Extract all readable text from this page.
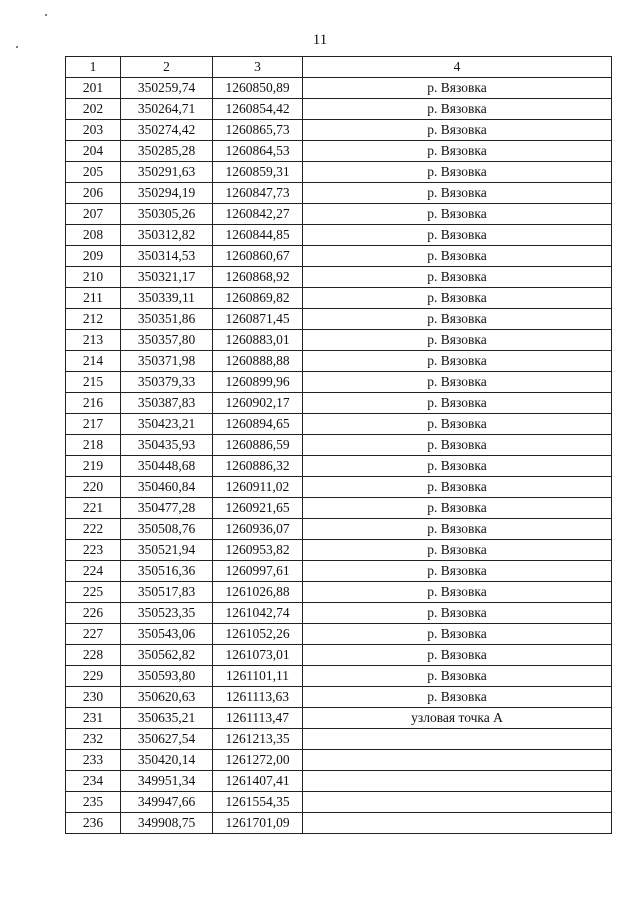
11
1	2	3	4
201	350259,74	1260850,89	р. Вязовка
202	350264,71	1260854,42	р. Вязовка
203	350274,42	1260865,73	р. Вязовка
204	350285,28	1260864,53	р. Вязовка
205	350291,63	1260859,31	р. Вязовка
206	350294,19	1260847,73	р. Вязовка
207	350305,26	1260842,27	р. Вязовка
208	350312,82	1260844,85	р. Вязовка
209	350314,53	1260860,67	р. Вязовка
210	350321,17	1260868,92	р. Вязовка
211	350339,11	1260869,82	р. Вязовка
212	350351,86	1260871,45	р. Вязовка
213	350357,80	1260883,01	р. Вязовка
214	350371,98	1260888,88	р. Вязовка
215	350379,33	1260899,96	р. Вязовка
216	350387,83	1260902,17	р. Вязовка
217	350423,21	1260894,65	р. Вязовка
218	350435,93	1260886,59	р. Вязовка
219	350448,68	1260886,32	р. Вязовка
220	350460,84	1260911,02	р. Вязовка
221	350477,28	1260921,65	р. Вязовка
222	350508,76	1260936,07	р. Вязовка
223	350521,94	1260953,82	р. Вязовка
224	350516,36	1260997,61	р. Вязовка
225	350517,83	1261026,88	р. Вязовка
226	350523,35	1261042,74	р. Вязовка
227	350543,06	1261052,26	р. Вязовка
228	350562,82	1261073,01	р. Вязовка
229	350593,80	1261101,11	р. Вязовка
230	350620,63	1261113,63	р. Вязовка
231	350635,21	1261113,47	узловая точка А
232	350627,54	1261213,35	
233	350420,14	1261272,00	
234	349951,34	1261407,41	
235	349947,66	1261554,35	
236	349908,75	1261701,09	
